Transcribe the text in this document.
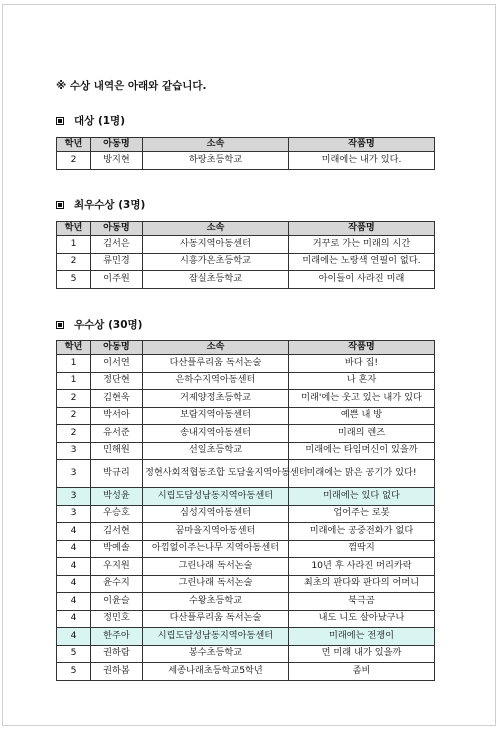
※ 수상 내역은 아래와 같습니다.
대상 (1명)
학년	아동명	소속	작품명
2	방지현	하랑초등학교	미래에는 내가 있다.
최우수상 (3명)
학년	아동명	소속	작품명
1	김서은	사동지역아동센터	거꾸로 가는 미래의 시간
2	류민경	시흥가온초등학교	미래에는 노랑색 연필이 없다.
5	이주원	잠실초등학교	아이들이 사라진 미래
우수상 (30명)
학년	아동명	소속	작품명
1	이서연	다산플루리움 독서논술	바다 집!
1	정단현	은하수지역아동센터	나 혼자
2	김현욱	거제양정초등학교	미래'에는 웃고 있는 내가 있다
2	박서아	보람지역아동센터	예쁜 내 방
2	유서준	송내지역아동센터	미래의 렌즈
3	민해원	선일초등학교	미래에는 타임머신이 있을까
3	박규리	정현사회적협동조합 도담울지역아동센터	미래에는 맑은 공기가 있다!
3	박성윤	시립도담성남동지역아동센터	미래에는 있다 없다
3	우승호	심성지역아동센터	업어주는 로봇
4	김서현	꿈마을지역아동센터	미래에는 공중전화가 없다
4	박예솔	아낌없이주는나무 지역아동센터	껌딱지
4	우지원	그린나래 독서논술	10년 후 사라진 머리카락
4	윤수지	그린나래 독서논술	최초의 판다와 판다의 어머니
4	이윤슬	수왕초등학교	북극곰
4	정민호	다산플루리움 독서논술	내도 니도 살아났구나
4	한주아	시립도담성남동지역아동센터	미래에는 전쟁이
5	권하람	봉수초등학교	먼 미래 내가 있을까
5	권하봄	세종나래초등학교5학년	좀비
